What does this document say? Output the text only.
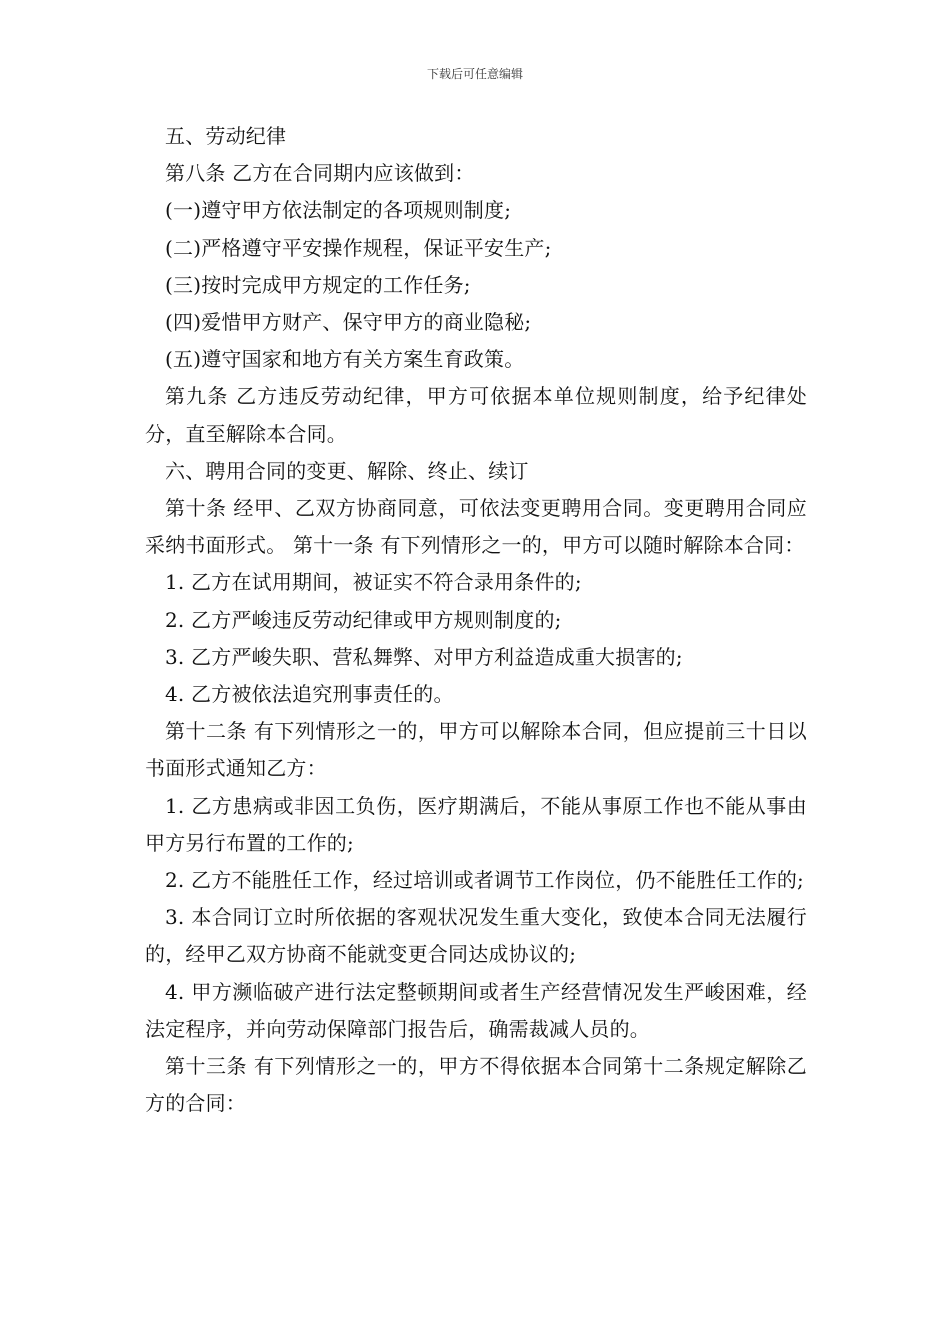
下载后可任意编辑

五、劳动纪律

第八条 乙方在合同期内应该做到：

(一)遵守甲方依法制定的各项规则制度;

(二)严格遵守平安操作规程，保证平安生产;

(三)按时完成甲方规定的工作任务;

(四)爱惜甲方财产、保守甲方的商业隐秘;

(五)遵守国家和地方有关方案生育政策。

第九条 乙方违反劳动纪律，甲方可依据本单位规则制度，给予纪律处分，直至解除本合同。

六、聘用合同的变更、解除、终止、续订

第十条 经甲、乙双方协商同意，可依法变更聘用合同。变更聘用合同应采纳书面形式。 第十一条 有下列情形之一的，甲方可以随时解除本合同：

1. 乙方在试用期间，被证实不符合录用条件的;

2. 乙方严峻违反劳动纪律或甲方规则制度的;

3. 乙方严峻失职、营私舞弊、对甲方利益造成重大损害的;

4. 乙方被依法追究刑事责任的。

第十二条 有下列情形之一的，甲方可以解除本合同，但应提前三十日以书面形式通知乙方：

1. 乙方患病或非因工负伤，医疗期满后，不能从事原工作也不能从事由甲方另行布置的工作的;

2. 乙方不能胜任工作，经过培训或者调节工作岗位，仍不能胜任工作的;

3. 本合同订立时所依据的客观状况发生重大变化，致使本合同无法履行的，经甲乙双方协商不能就变更合同达成协议的;

4. 甲方濒临破产进行法定整顿期间或者生产经营情况发生严峻困难，经法定程序，并向劳动保障部门报告后，确需裁减人员的。

第十三条 有下列情形之一的，甲方不得依据本合同第十二条规定解除乙方的合同：
